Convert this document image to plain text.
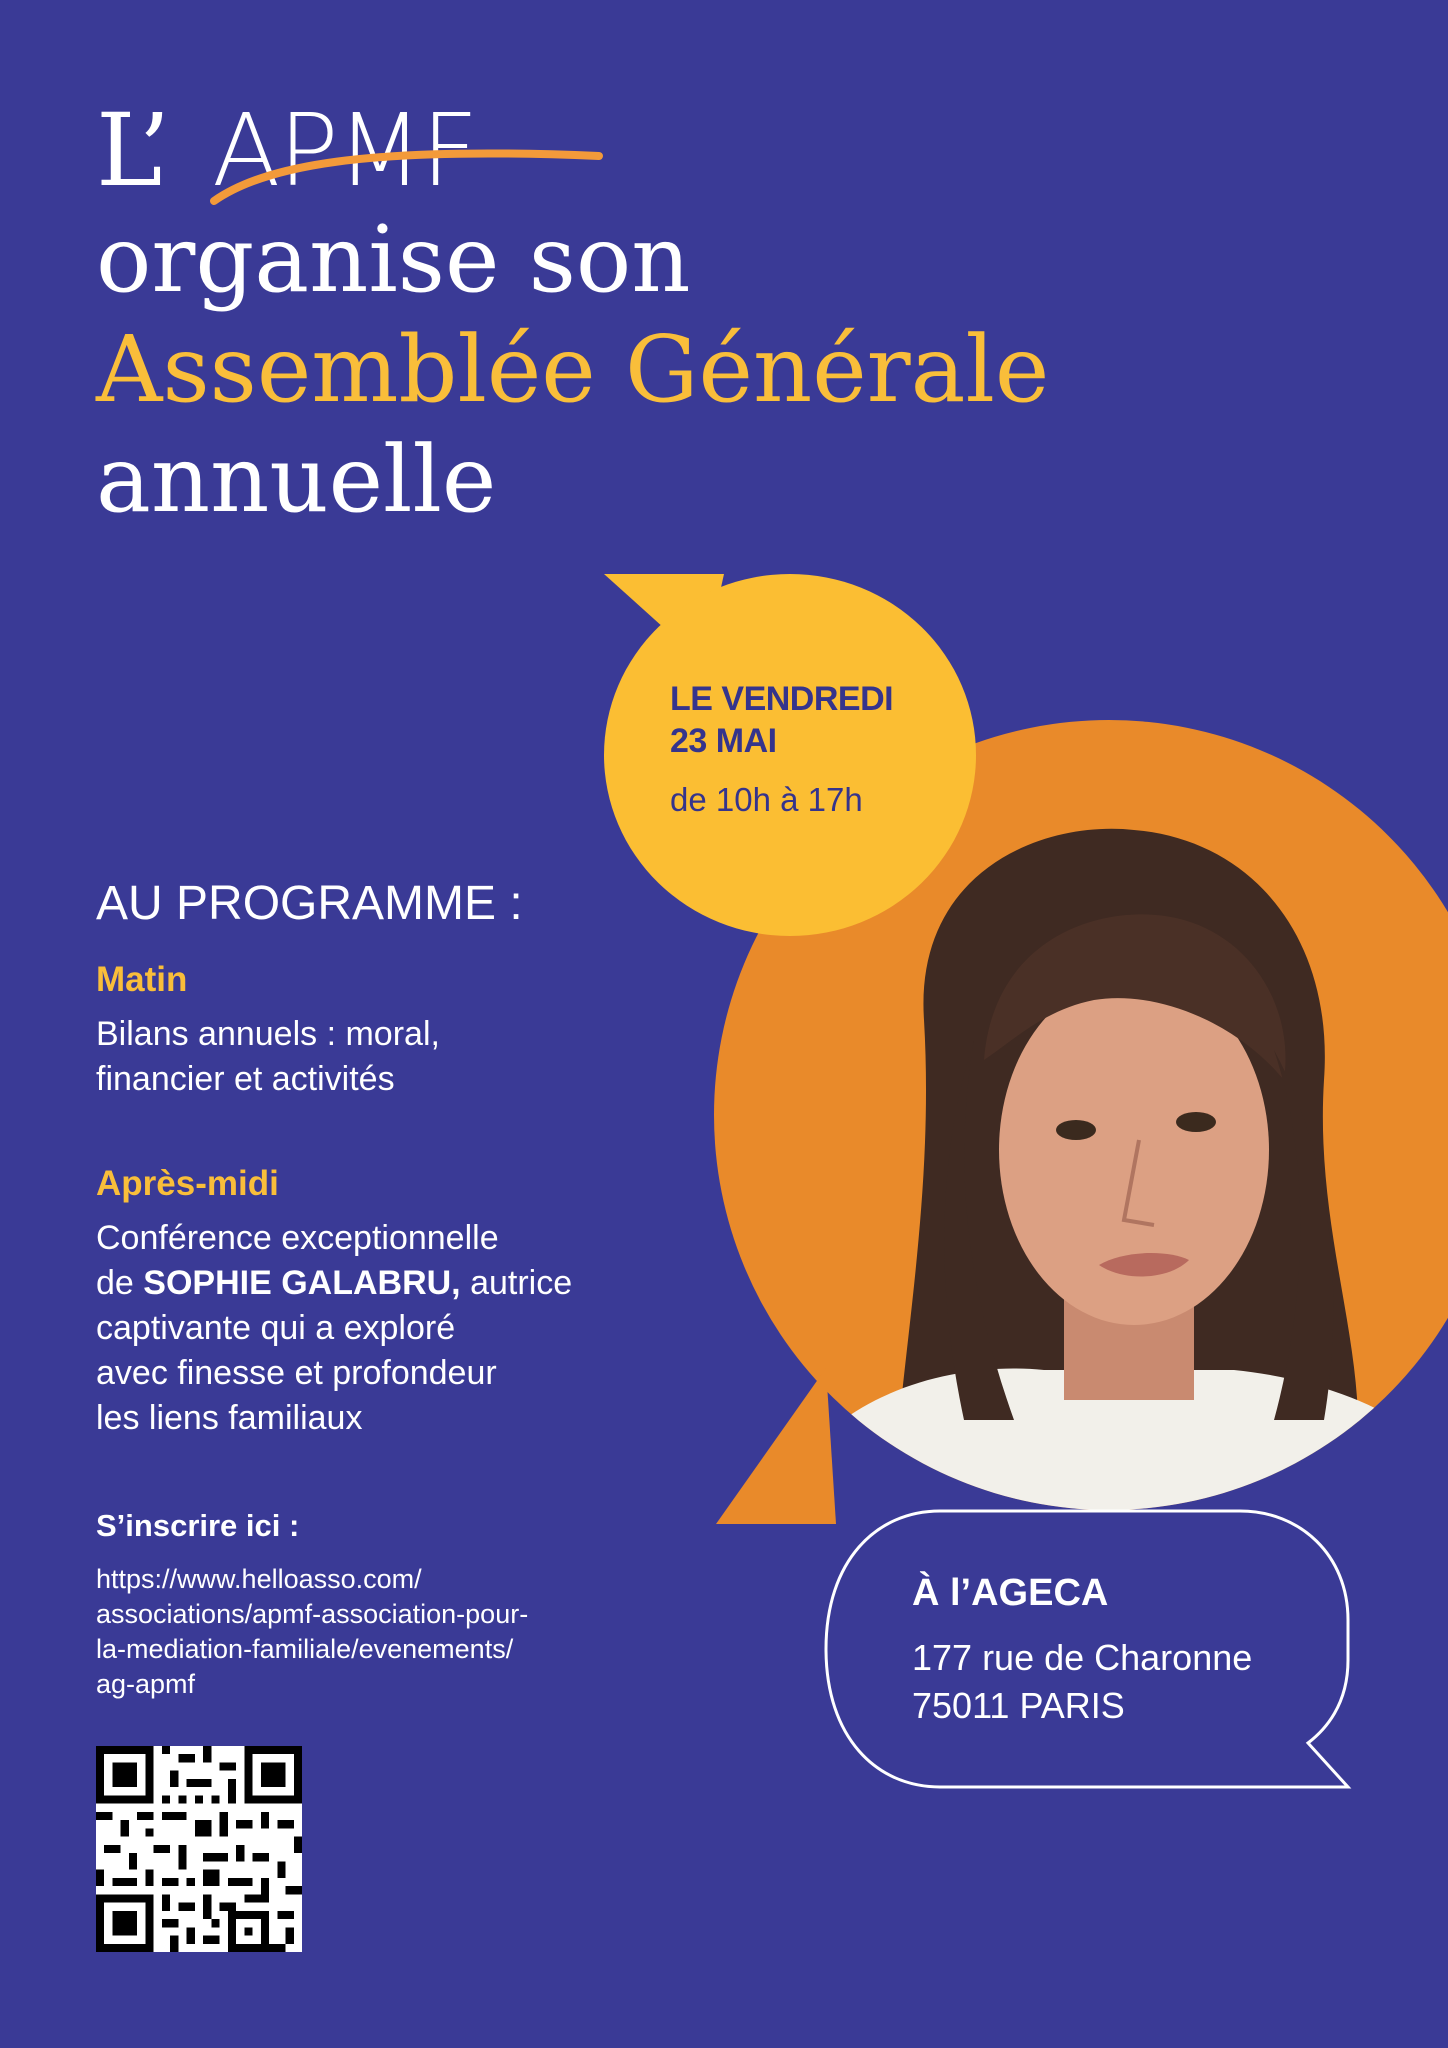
L’ APMF
organise son
Assemblée Générale
annuelle
LE VENDREDI
23 MAI
de 10h à 17h
AU PROGRAMME :
Matin
Bilans annuels : moral,
financier et activités
Après-midi
Conférence exceptionnelle
de SOPHIE GALABRU, autrice
captivante qui a exploré
avec finesse et profondeur
les liens familiaux
S’inscrire ici :
https://www.helloasso.com/
associations/apmf-association-pour-
la-mediation-familiale/evenements/
ag-apmf
À l’AGECA
177 rue de Charonne
75011 PARIS
